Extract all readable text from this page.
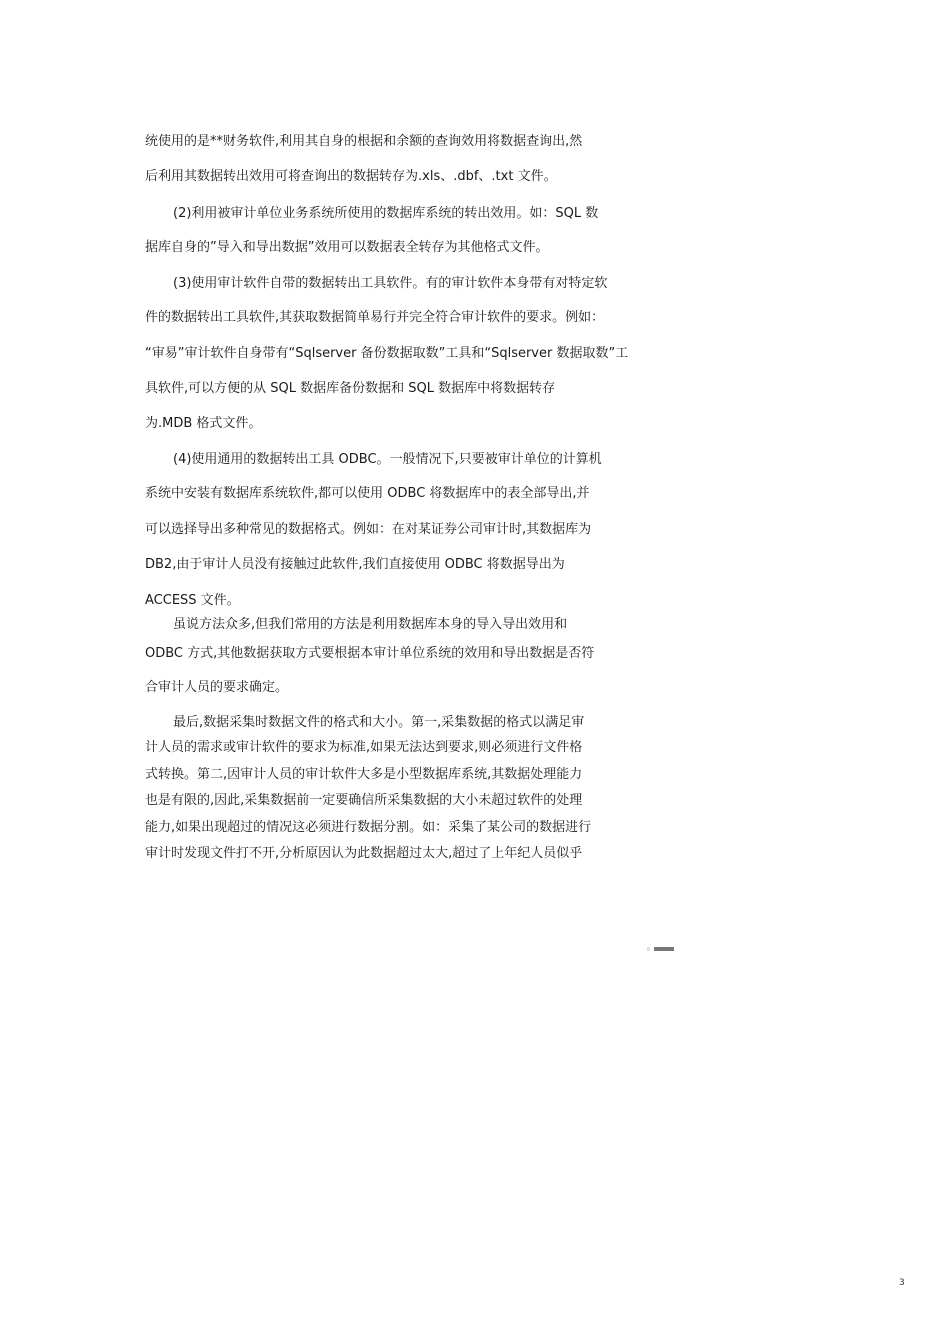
统使用的是**财务软件,利用其自身的根据和余额的查询效用将数据查询出,然

后利用其数据转出效用可将查询出的数据转存为.xls、.dbf、.txt 文件。

(2)利用被审计单位业务系统所使用的数据库系统的转出效用。如：SQL 数

据库自身的”导入和导出数据”效用可以数据表全转存为其他格式文件。

(3)使用审计软件自带的数据转出工具软件。有的审计软件本身带有对特定软

件的数据转出工具软件,其获取数据简单易行并完全符合审计软件的要求。例如：

“审易”审计软件自身带有“Sqlserver 备份数据取数”工具和“Sqlserver 数据取数”工

具软件,可以方便的从 SQL 数据库备份数据和 SQL 数据库中将数据转存

为.MDB 格式文件。

(4)使用通用的数据转出工具 ODBC。一般情况下,只要被审计单位的计算机

系统中安装有数据库系统软件,都可以使用 ODBC 将数据库中的表全部导出,并

可以选择导出多种常见的数据格式。例如：在对某证券公司审计时,其数据库为

DB2,由于审计人员没有接触过此软件,我们直接使用 ODBC 将数据导出为

ACCESS 文件。

虽说方法众多,但我们常用的方法是利用数据库本身的导入导出效用和

ODBC 方式,其他数据获取方式要根据本审计单位系统的效用和导出数据是否符

合审计人员的要求确定。

最后,数据采集时数据文件的格式和大小。第一,采集数据的格式以满足审

计人员的需求或审计软件的要求为标准,如果无法达到要求,则必须进行文件格

式转换。第二,因审计人员的审计软件大多是小型数据库系统,其数据处理能力

也是有限的,因此,采集数据前一定要确信所采集数据的大小未超过软件的处理

能力,如果出现超过的情况这必须进行数据分割。如：采集了某公司的数据进行

审计时发现文件打不开,分析原因认为此数据超过太大,超过了上年纪人员似乎

3
